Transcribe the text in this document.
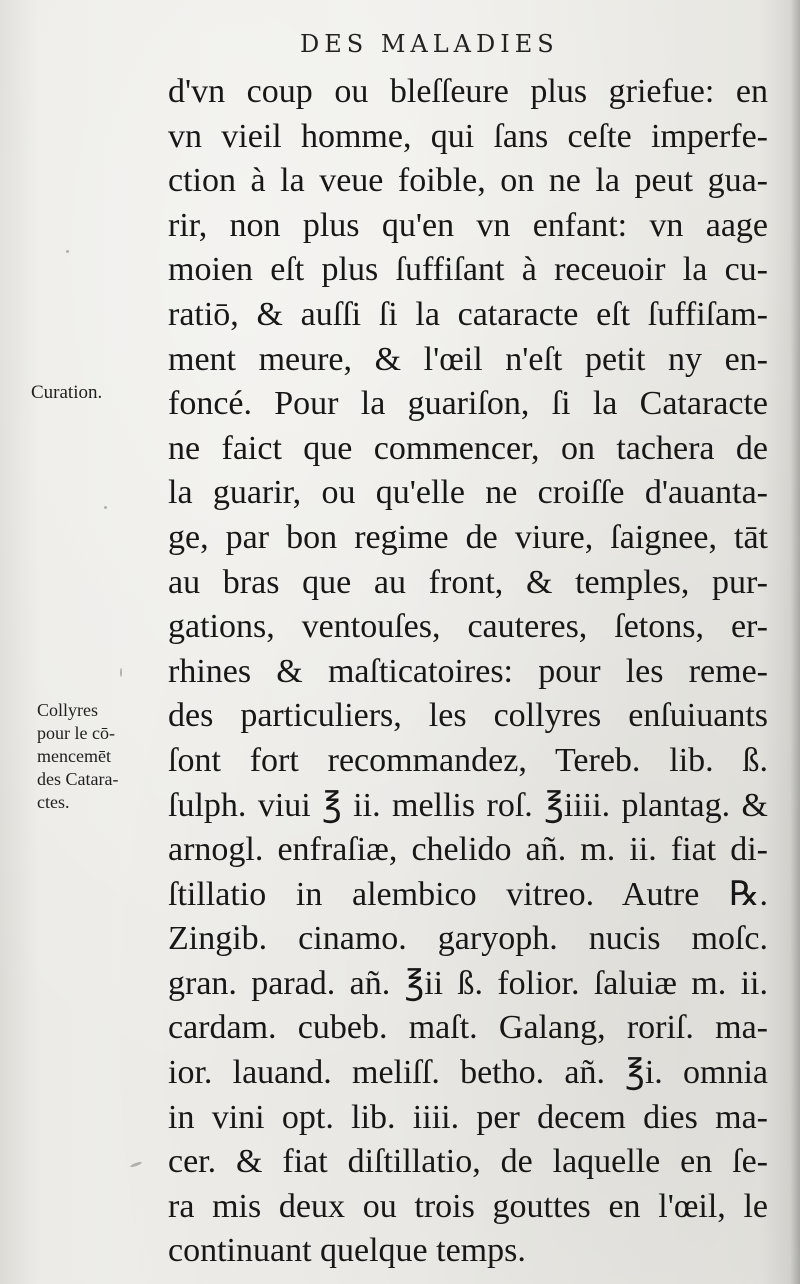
DES MALADIES
Curation.
Collyres
pour le cō-
mencemēt
des Catara-
ctes.
d'vn coup ou bleſſeure plus griefue: en
vn vieil homme, qui ſans ceſte imperfe-
ction à la veue foible, on ne la peut gua-
rir, non plus qu'en vn enfant: vn aage
moien eſt plus ſuffiſant à receuoir la cu-
ratiō, & auſſi ſi la cataracte eſt ſuffiſam-
ment meure, & l'œil n'eſt petit ny en-
foncé. Pour la guariſon, ſi la Cataracte
ne faict que commencer, on tachera de
la guarir, ou qu'elle ne croiſſe d'auanta-
ge, par bon regime de viure, ſaignee, tāt
au bras que au front, & temples, pur-
gations, ventouſes, cauteres, ſetons, er-
rhines & maſticatoires: pour les reme-
des particuliers, les collyres enſuiuants
ſont fort recommandez, Tereb. lib. ß.
ſulph. viui ℥ ii. mellis roſ. ℥iiii. plantag. &
arnogl. enfraſiæ, chelido añ. m. ii. fiat di-
ſtillatio in alembico vitreo. Autre ℞.
Zingib. cinamo. garyoph. nucis moſc.
gran. parad. añ. ℥ii ß. folior. ſaluiæ m. ii.
cardam. cubeb. maſt. Galang, roriſ. ma-
ior. lauand. meliſſ. betho. añ. ℥i. omnia
in vini opt. lib. iiii. per decem dies ma-
cer. & fiat diſtillatio, de laquelle en ſe-
ra mis deux ou trois gouttes en l'œil, le
continuant quelque temps.
